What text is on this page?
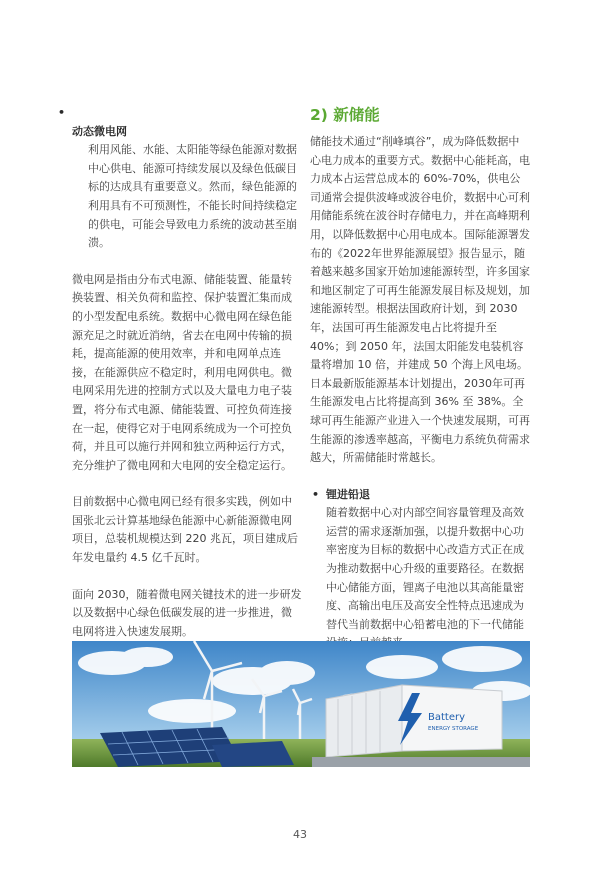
•
动态微电网

利用风能、水能、太阳能等绿色能源对数据中心供电、能源可持续发展以及绿色低碳目标的达成具有重要意义。然而，绿色能源的利用具有不可预测性，不能长时间持续稳定的供电，可能会导致电力系统的波动甚至崩溃。

微电网是指由分布式电源、储能装置、能量转换装置、相关负荷和监控、保护装置汇集而成的小型发配电系统。数据中心微电网在绿色能源充足之时就近消纳，省去在电网中传输的损耗，提高能源的使用效率，并和电网单点连接，在能源供应不稳定时，利用电网供电。微电网采用先进的控制方式以及大量电力电子装置，将分布式电源、储能装置、可控负荷连接在一起，使得它对于电网系统成为一个可控负荷，并且可以施行并网和独立两种运行方式，充分维护了微电网和大电网的安全稳定运行。

目前数据中心微电网已经有很多实践，例如中国张北云计算基地绿色能源中心新能源微电网项目，总装机规模达到 220 兆瓦，项目建成后年发电量约 4.5 亿千瓦时。

面向 2030，随着微电网关键技术的进一步研发以及数据中心绿色低碳发展的进一步推进，微电网将进入快速发展期。

2) 新储能

储能技术通过“削峰填谷”，成为降低数据中心电力成本的重要方式。数据中心能耗高，电力成本占运营总成本的 60%-70%，供电公司通常会提供波峰或波谷电价，数据中心可利用储能系统在波谷时存储电力，并在高峰期利用，以降低数据中心用电成本。国际能源署发布的《2022年世界能源展望》报告显示，随着越来越多国家开始加速能源转型，许多国家和地区制定了可再生能源发展目标及规划，加速能源转型。根据法国政府计划，到 2030 年，法国可再生能源发电占比将提升至 40%；到 2050 年，法国太阳能发电装机容量将增加 10 倍，并建成 50 个海上风电场。日本最新版能源基本计划提出，2030年可再生能源发电占比将提高到 36% 至 38%。全球可再生能源产业进入一个快速发展期，可再生能源的渗透率越高，平衡电力系统负荷需求越大，所需储能时常越长。

• 锂进铅退

随着数据中心对内部空间容量管理及高效运营的需求逐渐加强，以提升数据中心功率密度为目标的数据中心改造方式正在成为推动数据中心升级的重要路径。在数据中心储能方面，锂离子电池以其高能量密度、高输出电压及高安全性特点迅速成为替代当前数据中心铅蓄电池的下一代储能

Battery
ENERGY STORAGE
43
